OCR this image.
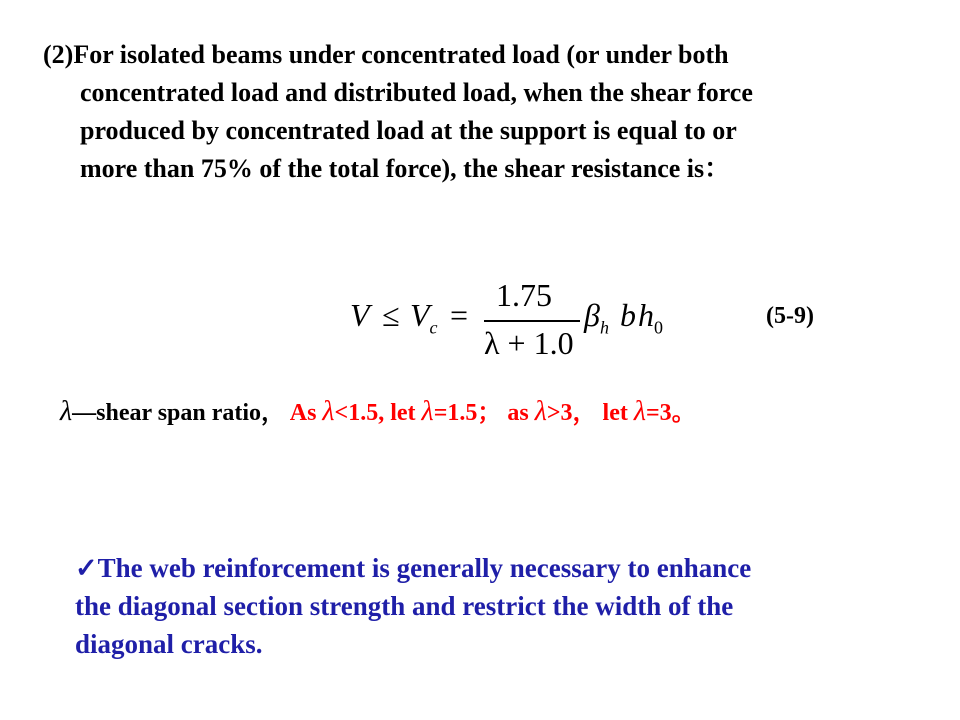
(2)For isolated beams under concentrated load (or under both
concentrated load and distributed load, when the shear force
produced by concentrated load at the support is equal to or
more than 75% of the total force), the shear resistance is：
$V \le V_c$ =
1.75
λ + 1.0
$\beta_h$ b $h_0$	(5-9)
λ—shear span ratio， As λ<1.5, let λ=1.5； as λ>3， let λ=3。
✓The web reinforcement is generally necessary to enhance
the diagonal section strength and restrict the width of the
diagonal cracks.
